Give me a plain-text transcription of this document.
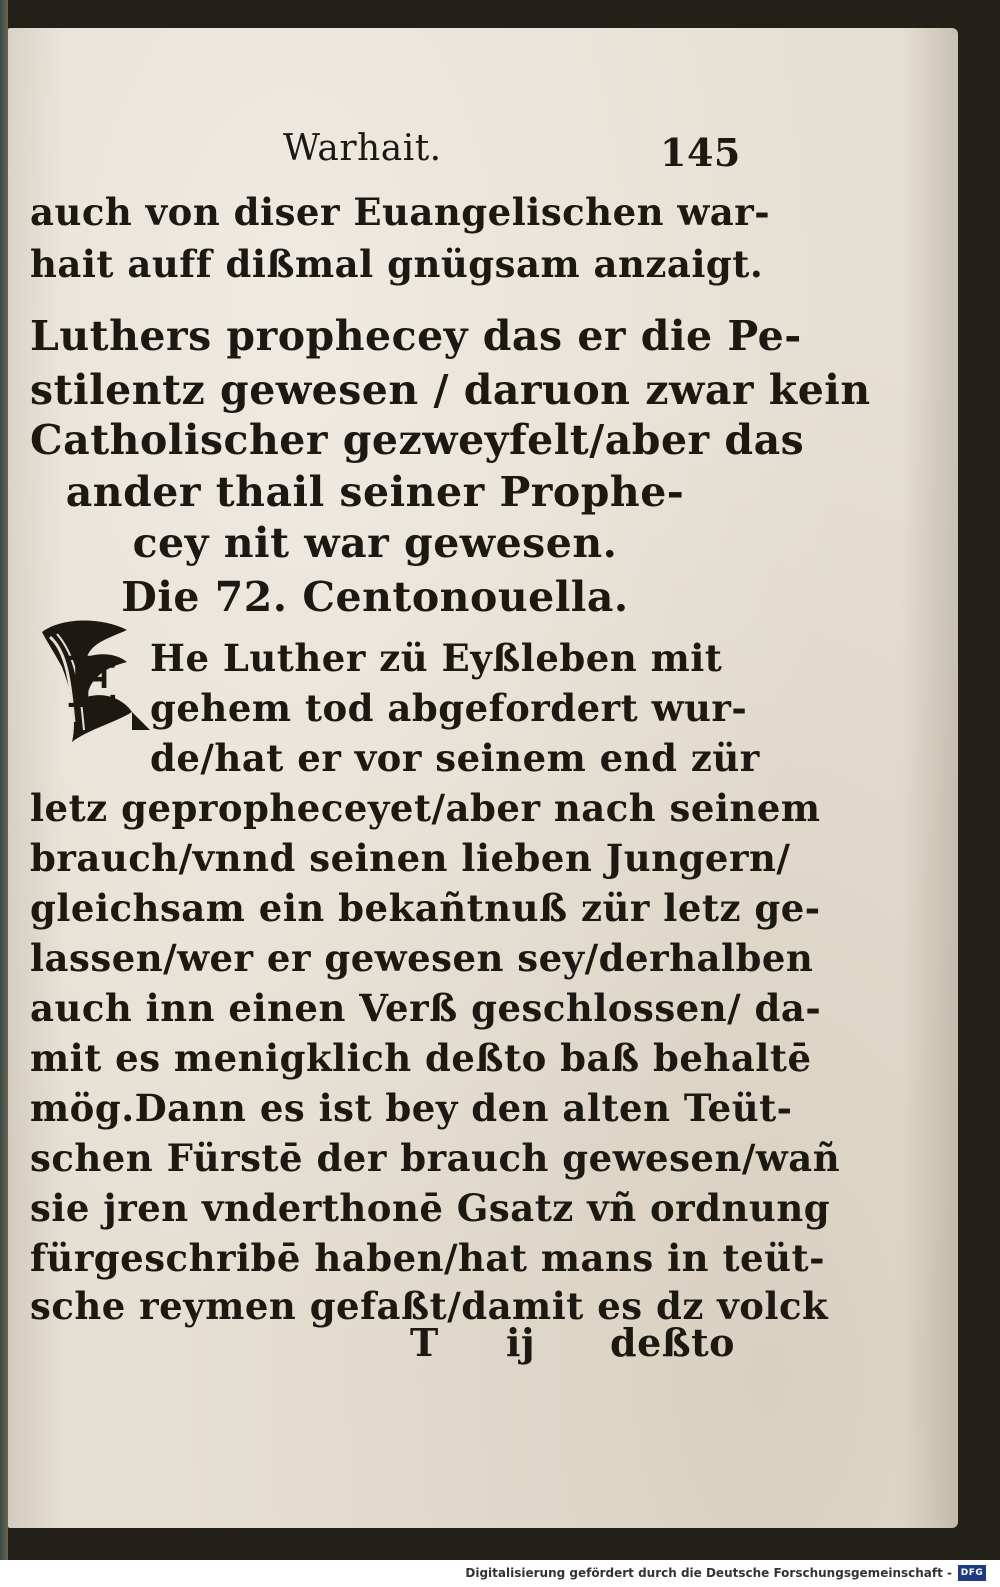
Warhait.	145
auch von diser Euangelischen war-
hait auff dißmal gnügsam anzaigt.
Luthers prophecey das er die Pe-
stilentz gewesen / daruon zwar kein
Catholischer gezweyfelt/aber das
ander thail seiner Prophe-
cey nit war gewesen.
Die 72. Centonouella.
E He Luther zü Eyßleben mit
gehem tod abgefordert wur-
de/hat er vor seinem end zür
letz geprophеceyet/aber nach seinem
brauch/vnnd seinen lieben Jungern/
gleichsam ein bekañtnuß zür letz ge-
lassen/wer er gewesen sey/derhalben
auch inn einen Verß geschlossen/ da-
mit es menigklich deßto baß behaltē
mög.Dann es ist bey den alten Teüt-
schen Fürstē der brauch gewesen/wañ
sie jren vnderthonē Gsatz vñ ordnung
fürgeschribē haben/hat mans in teüt-
sche reymen gefaßt/damit es dz volck
T ij deßto
Digitalisierung gefördert durch die Deutsche Forschungsgemeinschaft - DFG
